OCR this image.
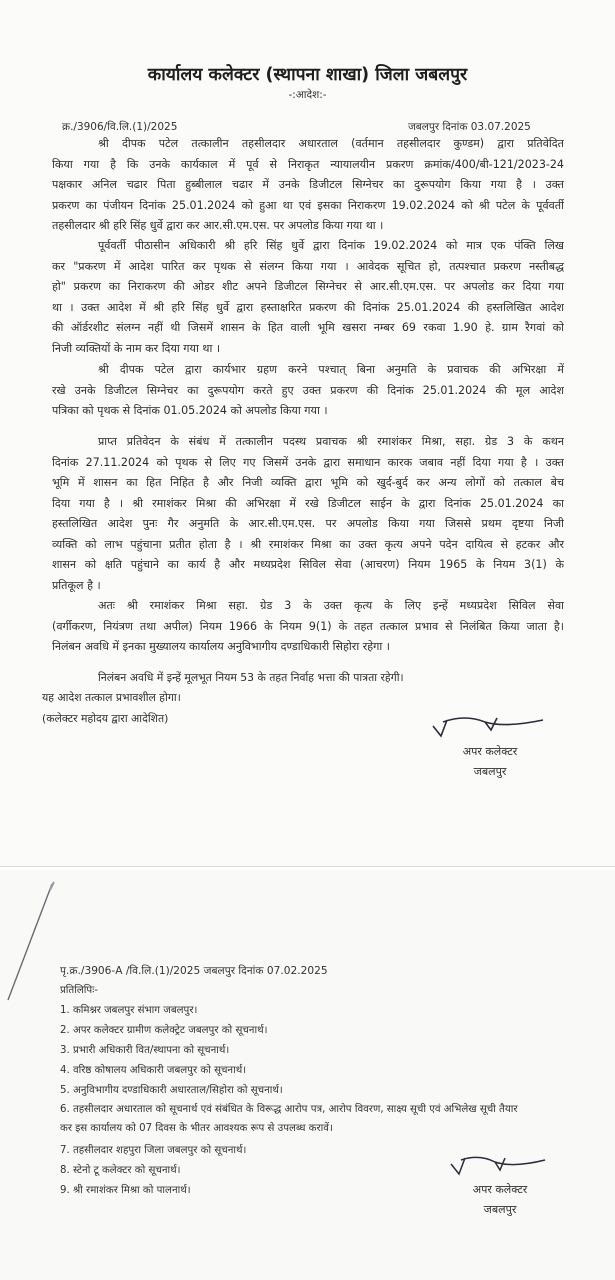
कार्यालय कलेक्टर (स्थापना शाखा) जिला जबलपुर
-:आदेश:-
क्र./3906/वि.लि.(1)/2025	जबलपुर दिनांक 03.07.2025
श्री दीपक पटेल तत्कालीन तहसीलदार अधारताल (वर्तमान तहसीलदार कुण्डम) द्वारा प्रतिवेदित
किया गया है कि उनके कार्यकाल में पूर्व से निराकृत न्यायालयीन प्रकरण क्रमांक/400/बी-121/2023-24
पक्षकार अनिल चढार पिता हुब्बीलाल चढार में उनके डिजीटल सिग्नेचर का दुरूपयोग किया गया है । उक्त
प्रकरण का पंजीयन दिनांक 25.01.2024 को हुआ था एवं इसका निराकरण 19.02.2024 को श्री पटेल के पूर्ववर्ती
तहसीलदार श्री हरि सिंह धुर्वे द्वारा कर आर.सी.एम.एस. पर अपलोड किया गया था ।
पूर्ववर्ती पीठासीन अधिकारी श्री हरि सिंह धुर्वे द्वारा दिनांक 19.02.2024 को मात्र एक पंक्ति लिख
कर "प्रकरण में आदेश पारित कर पृथक से संलग्न किया गया । आवेदक सूचित हो, तत्पश्चात प्रकरण नस्तीबद्ध
हो" प्रकरण का निराकरण की ओडर शीट अपने डिजीटल सिग्नेचर से आर.सी.एम.एस. पर अपलोड कर दिया गया
था । उक्त आदेश में श्री हरि सिंह धुर्वे द्वारा हस्ताक्षरित प्रकरण की दिनांक 25.01.2024 की हस्तलिखित आदेश
की ऑर्डरशीट संलग्न नहीं थी जिसमें शासन के हित वाली भूमि खसरा नम्बर 69 रकवा 1.90 हे. ग्राम रैगवां को
निजी व्यक्तियों के नाम कर दिया गया था ।
श्री दीपक पटेल द्वारा कार्यभार ग्रहण करने पश्चात् बिना अनुमति के प्रवाचक की अभिरक्षा में
रखे उनके डिजीटल सिग्नेचर का दुरूपयोग करते हुए उक्त प्रकरण की दिनांक 25.01.2024 की मूल आदेश
पत्रिका को पृथक से दिनांक 01.05.2024 को अपलोड किया गया ।
प्राप्त प्रतिवेदन के संबंध में तत्कालीन पदस्थ प्रवाचक श्री रमाशंकर मिश्रा, सहा. ग्रेड 3 के कथन
दिनांक 27.11.2024 को पृथक से लिए गए जिसमें उनके द्वारा समाधान कारक जबाव नहीं दिया गया है । उक्त
भूमि में शासन का हित निहित है और निजी व्यक्ति द्वारा भूमि को खुर्द-बुर्द कर अन्य लोगों को तत्काल बेच
दिया गया है । श्री रमाशंकर मिश्रा की अभिरक्षा में रखे डिजीटल साईन के द्वारा दिनांक 25.01.2024 का
हस्तलिखित आदेश पुनः गैर अनुमति के आर.सी.एम.एस. पर अपलोड किया गया जिससे प्रथम दृष्टया निजी
व्यक्ति को लाभ पहुंचाना प्रतीत होता है । श्री रमाशंकर मिश्रा का उक्त कृत्य अपने पदेन दायित्व से हटकर और
शासन को क्षति पहुंचाने का कार्य है और मध्यप्रदेश सिविल सेवा (आचरण) नियम 1965 के नियम 3(1) के
प्रतिकूल है ।
अतः श्री रमाशंकर मिश्रा सहा. ग्रेड 3 के उक्त कृत्य के लिए इन्हें मध्यप्रदेश सिविल सेवा
(वर्गीकरण, नियंत्रण तथा अपील) नियम 1966 के नियम 9(1) के तहत तत्काल प्रभाव से निलंबित किया जाता है।
निलंबन अवधि में इनका मुख्यालय कार्यालय अनुविभागीय दण्डाधिकारी सिहोरा रहेगा ।
निलंबन अवधि में इन्हें मूलभूत नियम 53 के तहत निर्वाह भत्ता की पात्रता रहेगी।
यह आदेश तत्काल प्रभावशील होगा।
(कलेक्टर महोदय द्वारा आदेशित)
अपर कलेक्टर
जबलपुर
पृ.क्र./3906-A /वि.लि.(1)/2025 जबलपुर दिनांक 07.02.2025
प्रतिलिपिः-
1. कमिश्नर जबलपुर संभाग जबलपुर।
2. अपर कलेक्टर ग्रामीण कलेक्ट्रेट जबलपुर को सूचनार्थ।
3. प्रभारी अधिकारी वित/स्थापना को सूचनार्थ।
4. वरिष्ठ कोषालय अधिकारी जबलपुर को सूचनार्थ।
5. अनुविभागीय दण्डाधिकारी अधारताल/सिहोरा को सूचनार्थ।
6. तहसीलदार अधारताल को सूचनार्थ एवं संबंधित के विरूद्ध आरोप पत्र, आरोप विवरण, साक्ष्य सूची एवं अभिलेख सूची तैयार कर इस कार्यालय को 07 दिवस के भीतर आवश्यक रूप से उपलब्ध करावें।
7. तहसीलदार शहपुरा जिला जबलपुर को सूचनार्थ।
8. स्टेनो टू कलेक्टर को सूचनार्थ।
9. श्री रमाशंकर मिश्रा को पालनार्थ।	अपर कलेक्टर
जबलपुर
